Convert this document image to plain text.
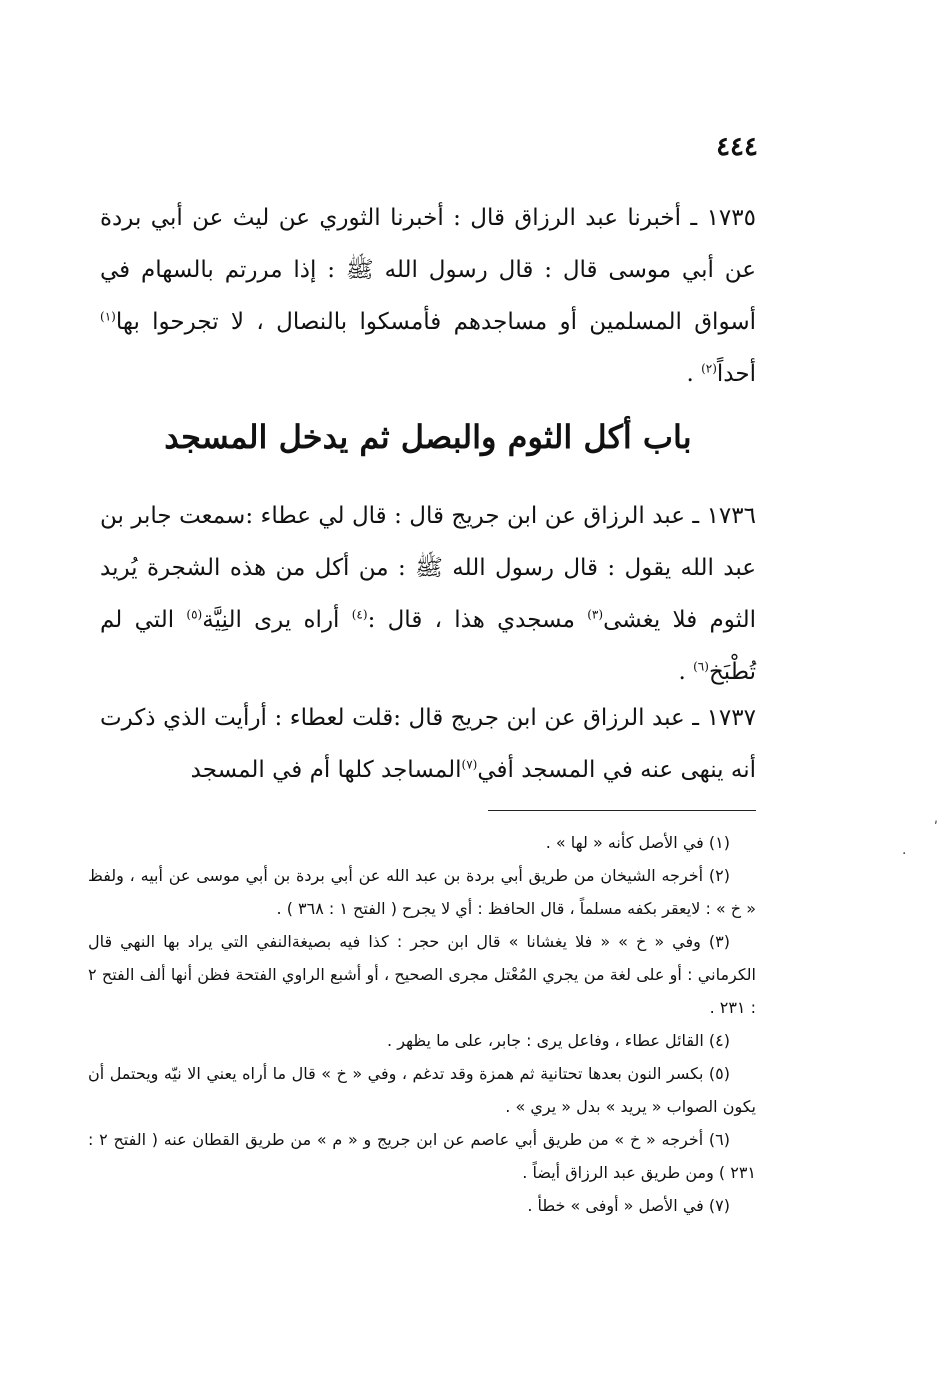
٤٤٤

١٧٣٥ ـ أخبرنا عبد الرزاق قال : أخبرنا الثوري عن ليث عن أبي بردة عن أبي موسى قال : قال رسول الله ﷺ : إذا مررتم بالسهام في أسواق المسلمين أو مساجدهم فأمسكوا بالنصال ، لا تجرحوا بها$^{(١)}$ أحداً$^{(٢)}$ .

باب أكل الثوم والبصل ثم يدخل المسجد

١٧٣٦ ـ عبد الرزاق عن ابن جريج قال : قال لي عطاء :سمعت جابر بن عبد الله يقول : قال رسول الله ﷺ : من أكل من هذه الشجرة يُريد الثوم فلا يغشى$^{(٣)}$ مسجدي هذا ، قال :$^{(٤)}$ أراه يرى النِيَّة$^{(٥)}$ التي لم تُطْبَخ$^{(٦)}$ .

١٧٣٧ ـ عبد الرزاق عن ابن جريج قال :قلت لعطاء : أرأيت الذي ذكرت أنه ينهى عنه في المسجد أفي$^{(٧)}$المساجد كلها أم في المسجد

(١) في الأصل كأنه « لها » .

(٢) أخرجه الشيخان من طريق أبي بردة بن عبد الله عن أبي بردة بن أبي موسى عن أبيه ، ولفظ « خ » : لايعقر بكفه مسلماً ، قال الحافظ : أي لا يجرح ( الفتح ١ : ٣٦٨ ) .

(٣) وفي « خ » « فلا يغشانا » قال ابن حجر : كذا فيه بصيغةالنفي التي يراد بها النهي قال الكرماني : أو على لغة من يجري المُعْتل مجرى الصحيح ، أو أشبع الراوي الفتحة فظن أنها ألف الفتح ٢ : ٢٣١ .

(٤) القائل عطاء ، وفاعل يرى : جابر، على ما يظهر .

(٥) بكسر النون بعدها تحتانية ثم همزة وقد تدغم ، وفي « خ » قال ما أراه يعني الا نيّه ويحتمل أن يكون الصواب « يريد » بدل « يري » .

(٦) أخرجه « خ » من طريق أبي عاصم عن ابن جريج و « م » من طريق القطان عنه ( الفتح ٢ : ٢٣١ ) ومن طريق عبد الرزاق أيضاً .

(٧) في الأصل « أوفى » خطأ .

ʹ
·
